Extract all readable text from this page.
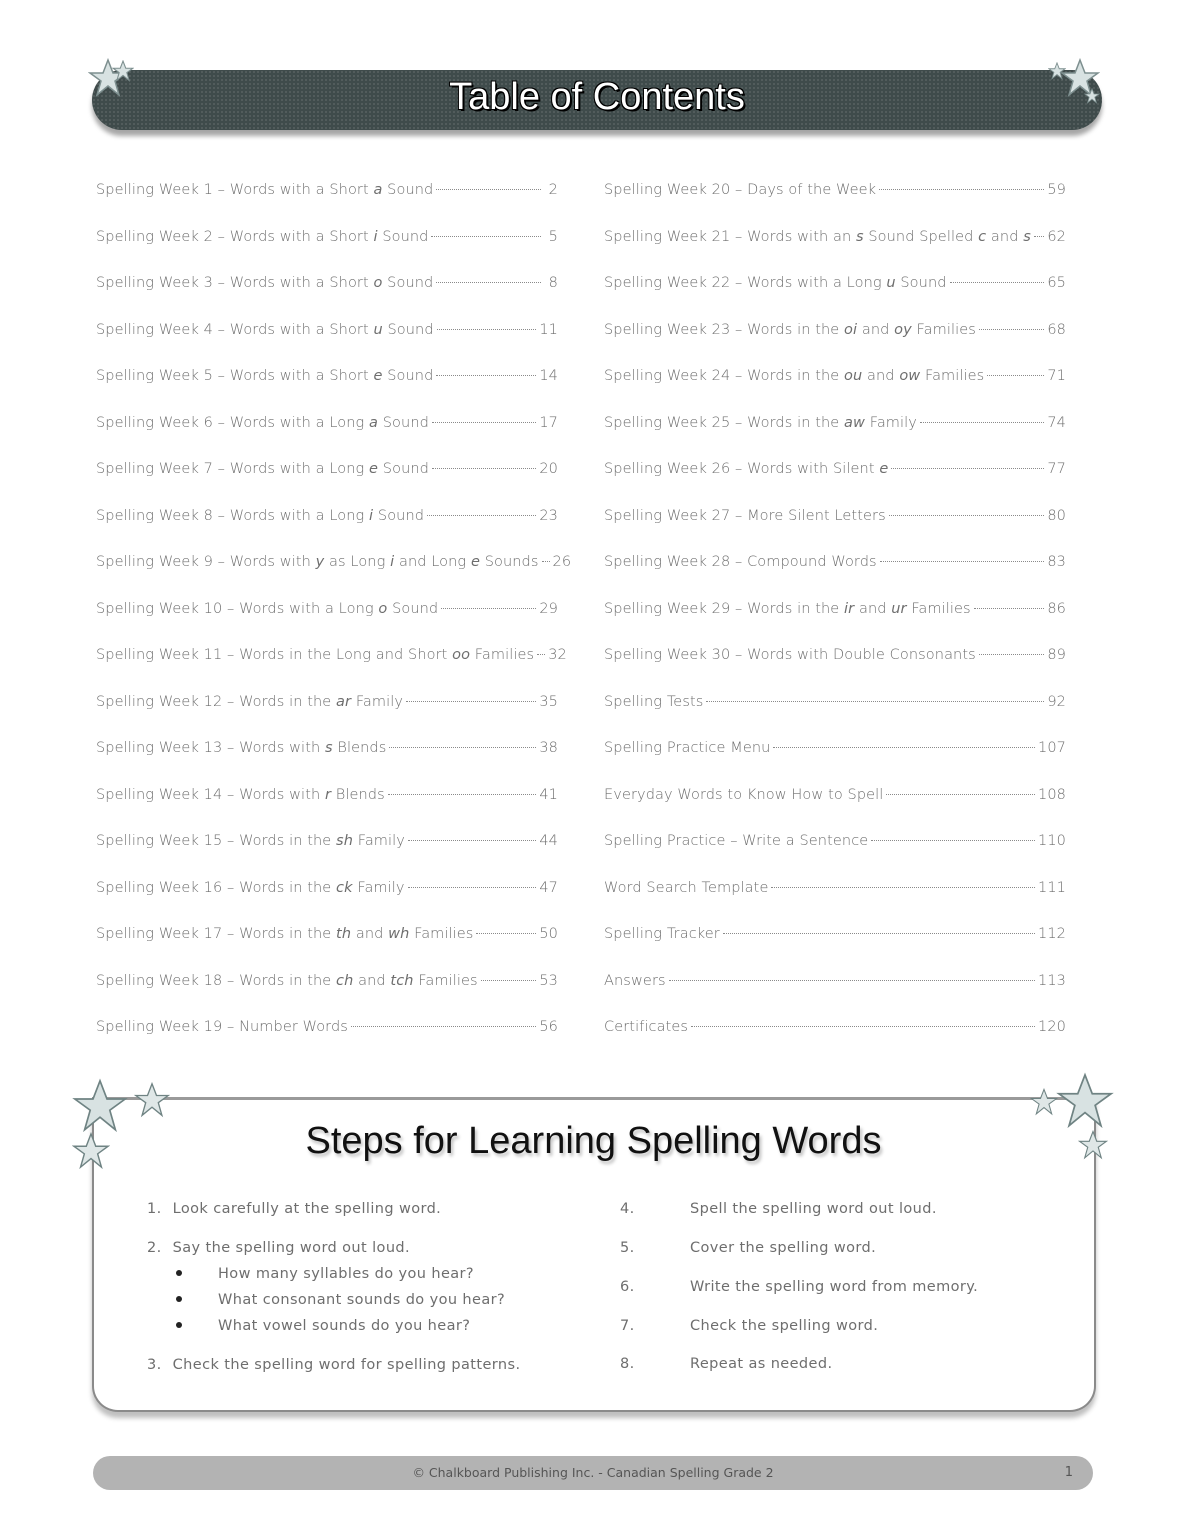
Table of Contents
Spelling Week 1 – Words with a Short a Sound	2
Spelling Week 2 – Words with a Short i Sound	5
Spelling Week 3 – Words with a Short o Sound	8
Spelling Week 4 – Words with a Short u Sound	11
Spelling Week 5 – Words with a Short e Sound	14
Spelling Week 6 – Words with a Long a Sound	17
Spelling Week 7 – Words with a Long e Sound	20
Spelling Week 8 – Words with a Long i Sound	23
Spelling Week 9 – Words with y as Long i and Long e Sounds 26
Spelling Week 10 – Words with a Long o Sound	29
Spelling Week 11 – Words in the Long and Short oo Families 32
Spelling Week 12 – Words in the ar Family	35
Spelling Week 13 – Words with s Blends	38
Spelling Week 14 – Words with r Blends	41
Spelling Week 15 – Words in the sh Family	44
Spelling Week 16 – Words in the ck Family	47
Spelling Week 17 – Words in the th and wh Families	50
Spelling Week 18 – Words in the ch and tch Families	53
Spelling Week 19 – Number Words	56
Spelling Week 20 – Days of the Week	59
Spelling Week 21 – Words with an s Sound Spelled c and s 62
Spelling Week 22 – Words with a Long u Sound	65
Spelling Week 23 – Words in the oi and oy Families	68
Spelling Week 24 – Words in the ou and ow Families	71
Spelling Week 25 – Words in the aw Family	74
Spelling Week 26 – Words with Silent e	77
Spelling Week 27 – More Silent Letters	80
Spelling Week 28 – Compound Words	83
Spelling Week 29 – Words in the ir and ur Families	86
Spelling Week 30 – Words with Double Consonants	89
Spelling Tests	92
Spelling Practice Menu	107
Everyday Words to Know How to Spell	108
Spelling Practice – Write a Sentence	110
Word Search Template	111
Spelling Tracker	112
Answers	113
Certificates	120
Steps for Learning Spelling Words
1. Look carefully at the spelling word.
2. Say the spelling word out loud.
How many syllables do you hear?
What consonant sounds do you hear?
What vowel sounds do you hear?
3. Check the spelling word for spelling patterns.
4.	Spell the spelling word out loud.
5.	Cover the spelling word.
6.	Write the spelling word from memory.
7.	Check the spelling word.
8.	Repeat as needed.
© Chalkboard Publishing Inc. - Canadian Spelling Grade 2	1
